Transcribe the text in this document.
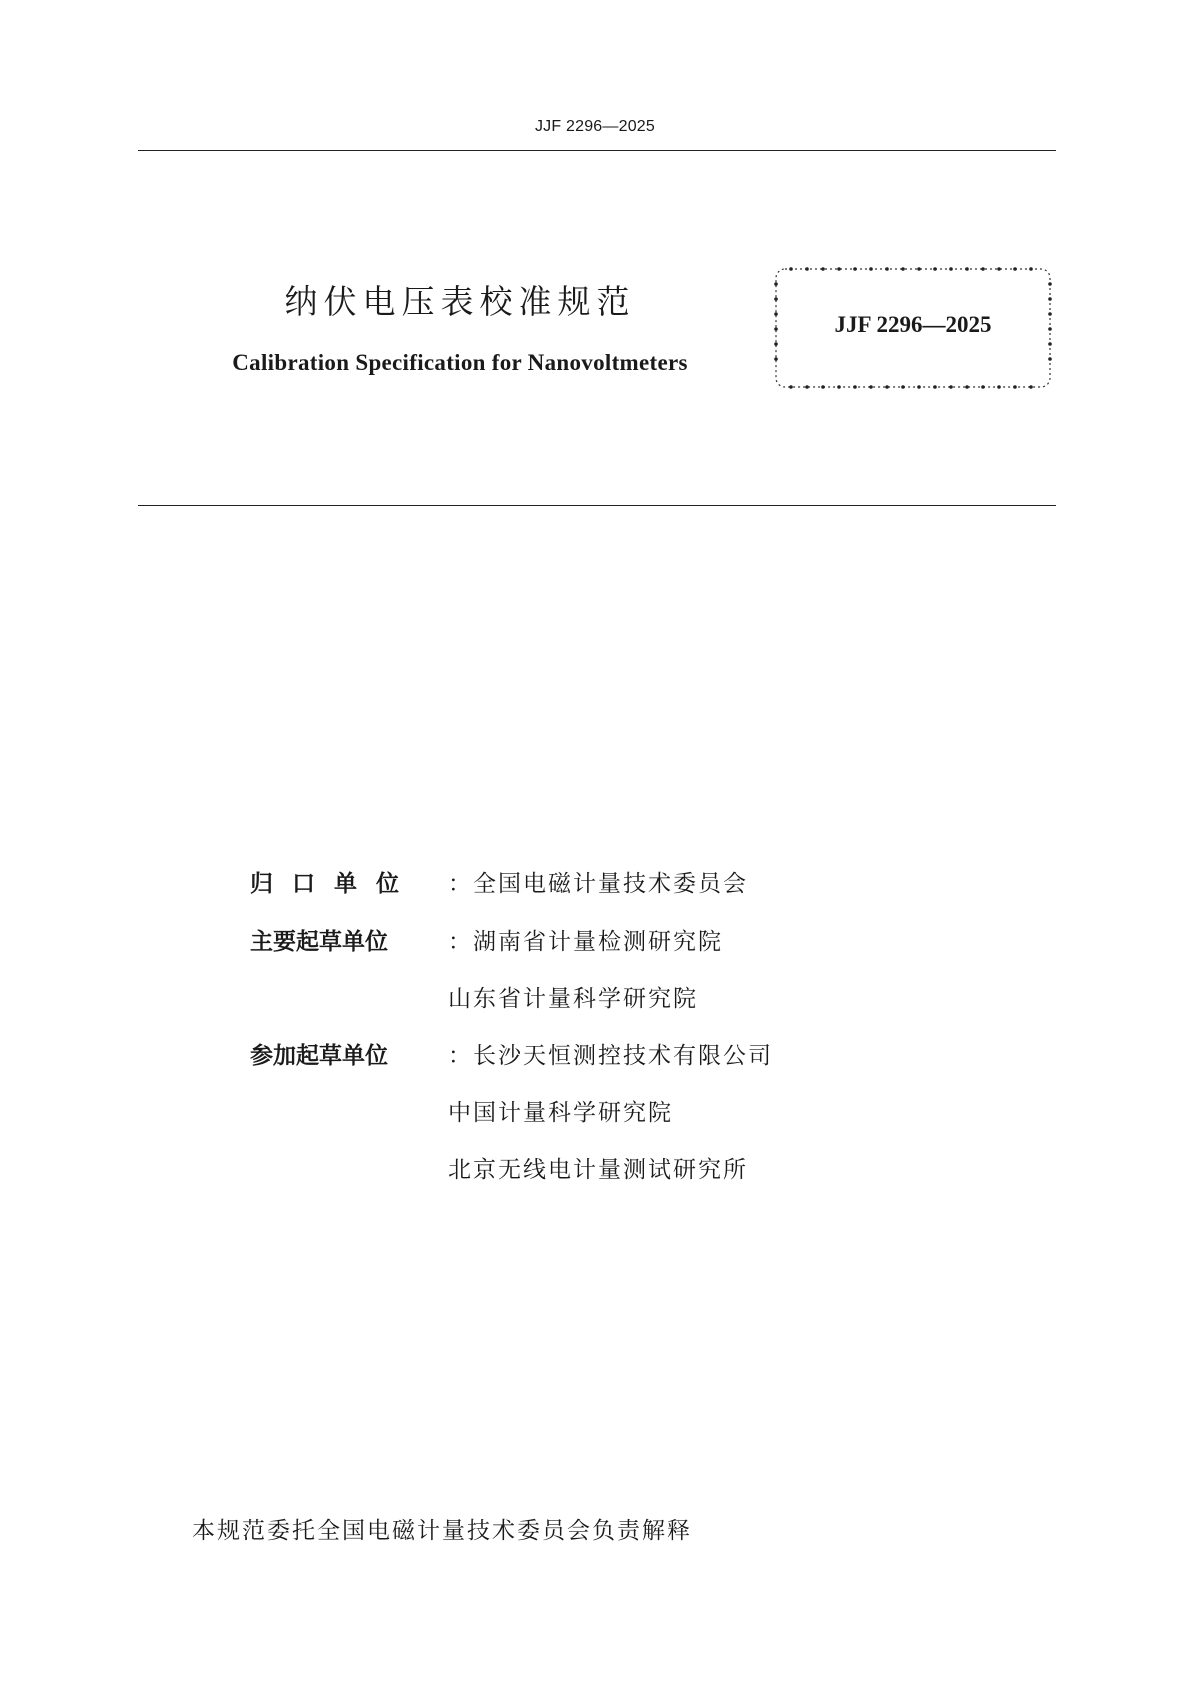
JJF 2296—2025
纳伏电压表校准规范
Calibration Specification for Nanovoltmeters
JJF 2296—2025
归口单位 ：全国电磁计量技术委员会
主要起草单位	：湖南省计量检测研究院
山东省计量科学研究院
参加起草单位	：长沙天恒测控技术有限公司
中国计量科学研究院
北京无线电计量测试研究所
本规范委托全国电磁计量技术委员会负责解释
